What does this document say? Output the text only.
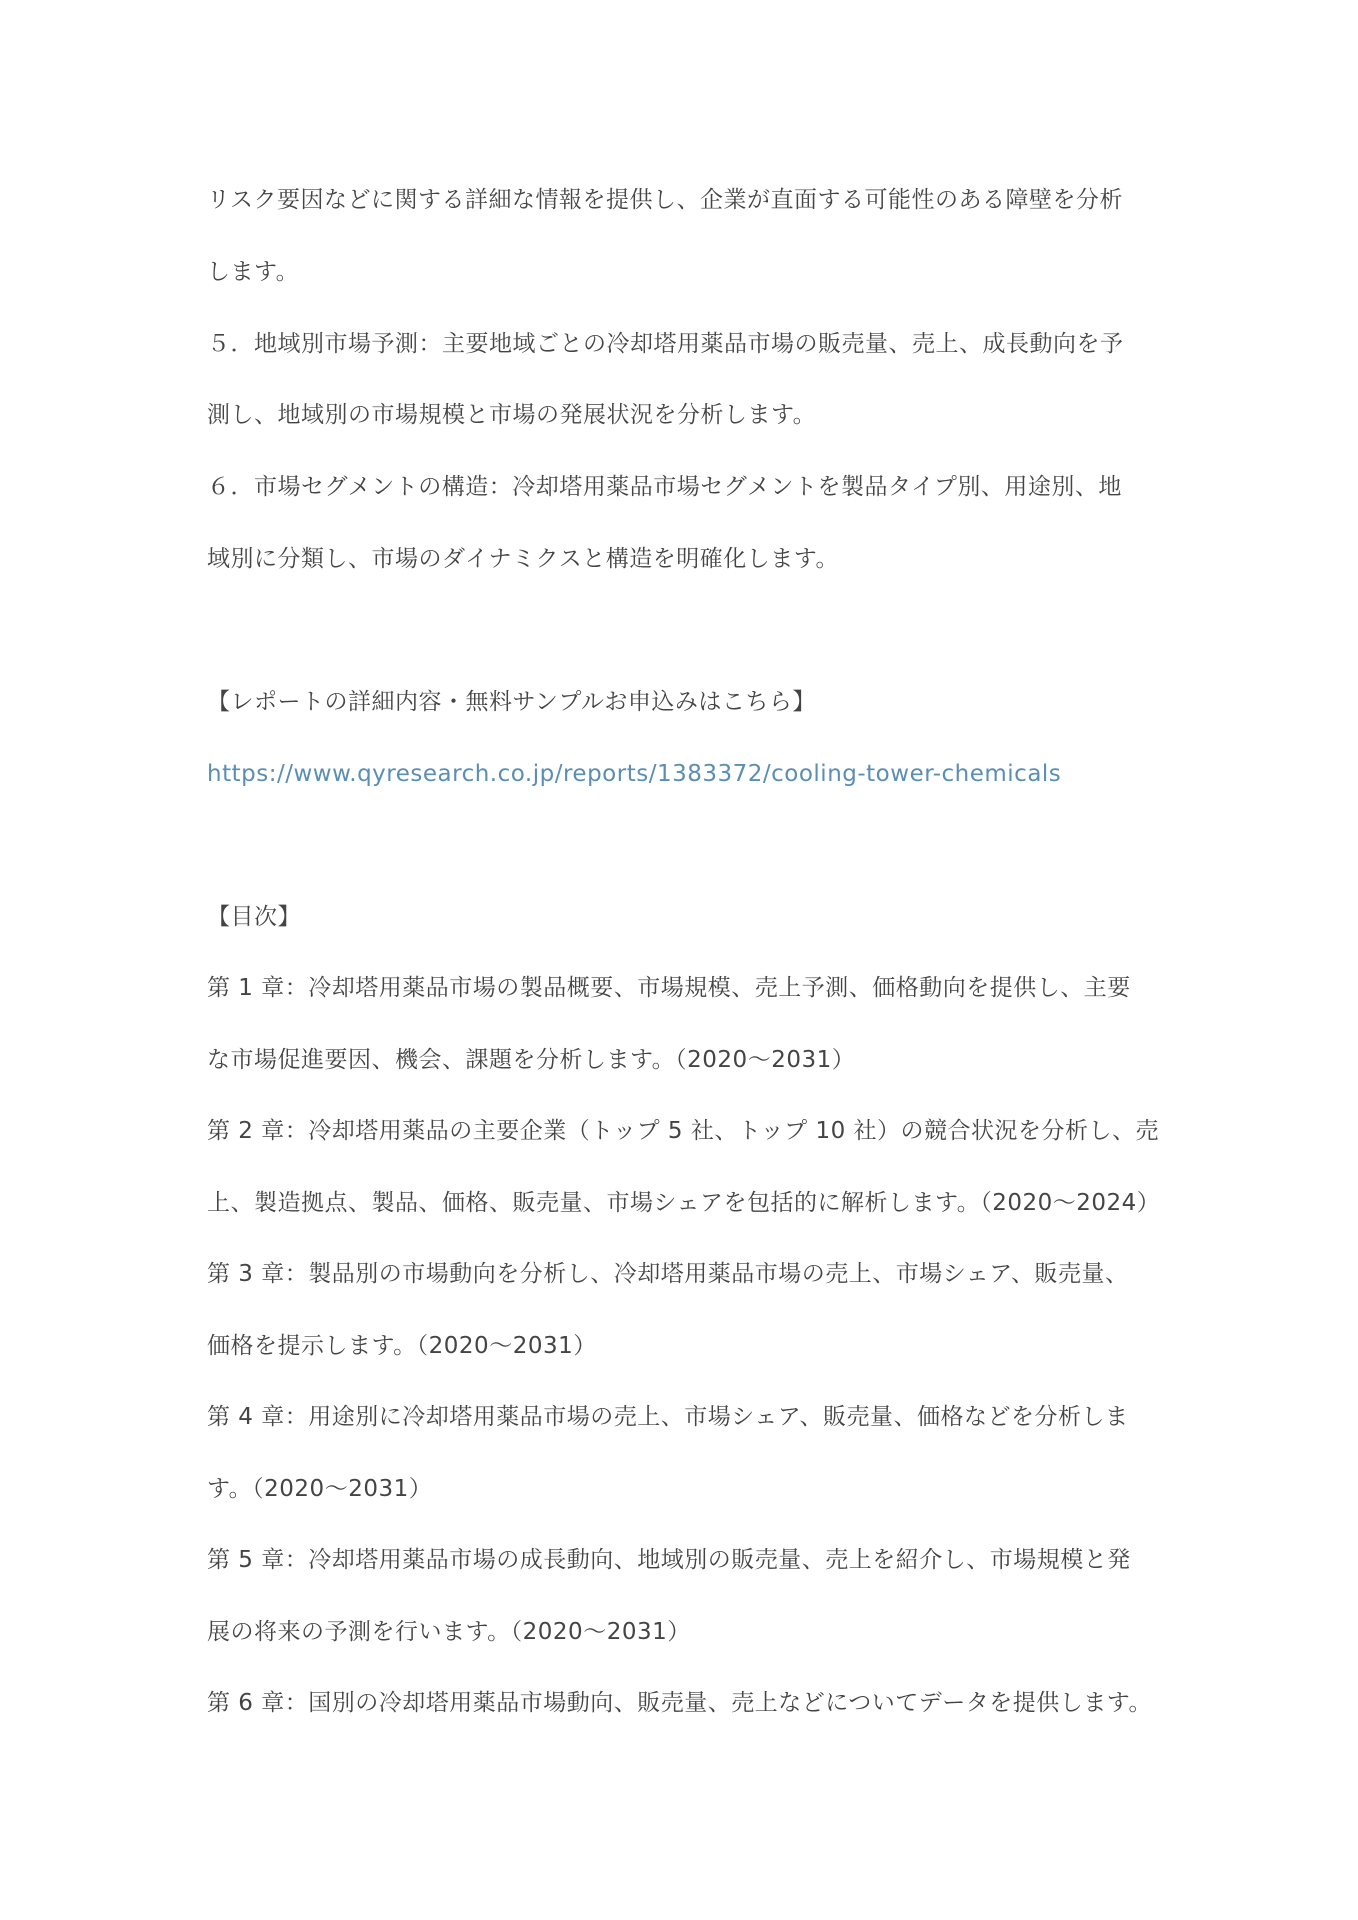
リスク要因などに関する詳細な情報を提供し、企業が直面する可能性のある障壁を分析
します。
５．地域別市場予測：主要地域ごとの冷却塔用薬品市場の販売量、売上、成長動向を予
測し、地域別の市場規模と市場の発展状況を分析します。
６．市場セグメントの構造：冷却塔用薬品市場セグメントを製品タイプ別、用途別、地
域別に分類し、市場のダイナミクスと構造を明確化します。
【レポートの詳細内容・無料サンプルお申込みはこちら】
https://www.qyresearch.co.jp/reports/1383372/cooling-tower-chemicals
【目次】
第 1 章：冷却塔用薬品市場の製品概要、市場規模、売上予測、価格動向を提供し、主要
な市場促進要因、機会、課題を分析します。（2020～2031）
第 2 章：冷却塔用薬品の主要企業（トップ 5 社、トップ 10 社）の競合状況を分析し、売
上、製造拠点、製品、価格、販売量、市場シェアを包括的に解析します。（2020～2024）
第 3 章：製品別の市場動向を分析し、冷却塔用薬品市場の売上、市場シェア、販売量、
価格を提示します。（2020～2031）
第 4 章：用途別に冷却塔用薬品市場の売上、市場シェア、販売量、価格などを分析しま
す。（2020～2031）
第 5 章：冷却塔用薬品市場の成長動向、地域別の販売量、売上を紹介し、市場規模と発
展の将来の予測を行います。（2020～2031）
第 6 章：国別の冷却塔用薬品市場動向、販売量、売上などについてデータを提供します。
